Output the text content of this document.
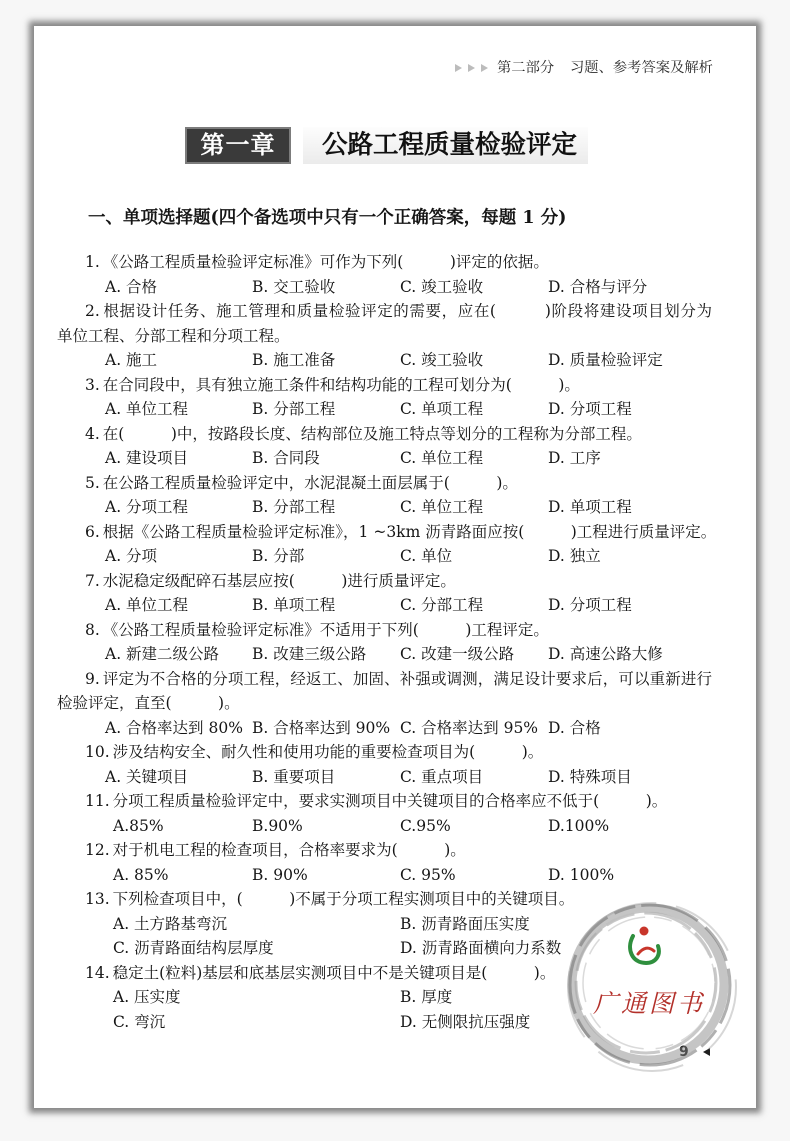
第二部分 习题、参考答案及解析
第一章	公路工程质量检验评定
一、单项选择题(四个备选项中只有一个正确答案，每题 1 分)
1. 《公路工程质量检验评定标准》可作为下列(　　　)评定的依据。
A. 合格	B. 交工验收	C. 竣工验收	D. 合格与评分
2. 根据设计任务、施工管理和质量检验评定的需要，应在(　　　)阶段将建设项目划分为
单位工程、分部工程和分项工程。
A. 施工	B. 施工准备	C. 竣工验收	D. 质量检验评定
3. 在合同段中，具有独立施工条件和结构功能的工程可划分为(　　　)。
A. 单位工程	B. 分部工程	C. 单项工程	D. 分项工程
4. 在(　　　)中，按路段长度、结构部位及施工特点等划分的工程称为分部工程。
A. 建设项目	B. 合同段	C. 单位工程	D. 工序
5. 在公路工程质量检验评定中，水泥混凝土面层属于(　　　)。
A. 分项工程	B. 分部工程	C. 单位工程	D. 单项工程
6. 根据《公路工程质量检验评定标准》，1 ~3km 沥青路面应按(　　　)工程进行质量评定。
A. 分项	B. 分部	C. 单位	D. 独立
7. 水泥稳定级配碎石基层应按(　　　)进行质量评定。
A. 单位工程	B. 单项工程	C. 分部工程	D. 分项工程
8. 《公路工程质量检验评定标准》不适用于下列(　　　)工程评定。
A. 新建二级公路 B. 改建三级公路 C. 改建一级公路 D. 高速公路大修
9. 评定为不合格的分项工程，经返工、加固、补强或调测，满足设计要求后，可以重新进行
检验评定，直至(　　　)。
A. 合格率达到 80% B. 合格率达到 90% C. 合格率达到 95% D. 合格
10. 涉及结构安全、耐久性和使用功能的重要检查项目为(　　　)。
A. 关键项目	B. 重要项目	C. 重点项目	D. 特殊项目
11. 分项工程质量检验评定中，要求实测项目中关键项目的合格率应不低于(　　　)。
A.85%	B.90%	C.95%	D.100%
12. 对于机电工程的检查项目，合格率要求为(　　　)。
A. 85%	B. 90%	C. 95%	D. 100%
13. 下列检查项目中，(　　　)不属于分项工程实测项目中的关键项目。
A. 土方路基弯沉	B. 沥青路面压实度
C. 沥青路面结构层厚度	D. 沥青路面横向力系数
14. 稳定土(粒料)基层和底基层实测项目中不是关键项目是(　　　)。
A. 压实度	B. 厚度
C. 弯沉	D. 无侧限抗压强度
9
广通图书
